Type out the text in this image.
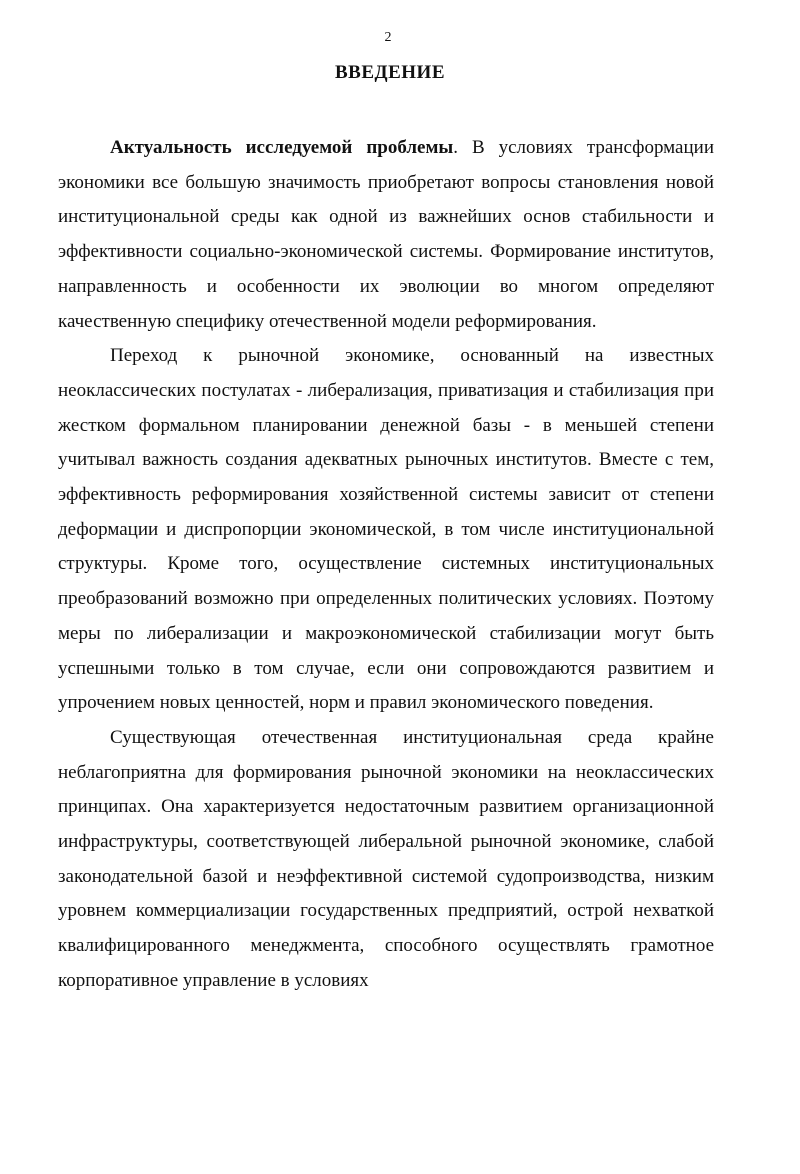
2
ВВЕДЕНИЕ

Актуальность исследуемой проблемы. В условиях трансформации экономики все большую значимость приобретают вопросы становления новой институциональной среды как одной из важнейших основ стабильности и эффективности социально-экономической системы. Формирование институтов, направленность и особенности их эволюции во многом определяют качественную специфику отечественной модели реформирования.

Переход к рыночной экономике, основанный на известных неоклассических постулатах - либерализация, приватизация и стабилизация при жестком формальном планировании денежной базы - в меньшей степени учитывал важность создания адекватных рыночных институтов. Вместе с тем, эффективность реформирования хозяйственной системы зависит от степени деформации и диспропорции экономической, в том числе институциональной структуры. Кроме того, осуществление системных институциональных преобразований возможно при определенных политических условиях. Поэтому меры по либерализации и макроэкономической стабилизации могут быть успешными только в том случае, если они сопровождаются развитием и упрочением новых ценностей, норм и правил экономического поведения.

Существующая отечественная институциональная среда крайне неблагоприятна для формирования рыночной экономики на неоклассических принципах. Она характеризуется недостаточным развитием организационной инфраструктуры, соответствующей либеральной рыночной экономике, слабой законодательной базой и неэффективной системой судопроизводства, низким уровнем коммерциализации государственных предприятий, острой нехваткой квалифицированного менеджмента, способного осуществлять грамотное корпоративное управление в условиях
